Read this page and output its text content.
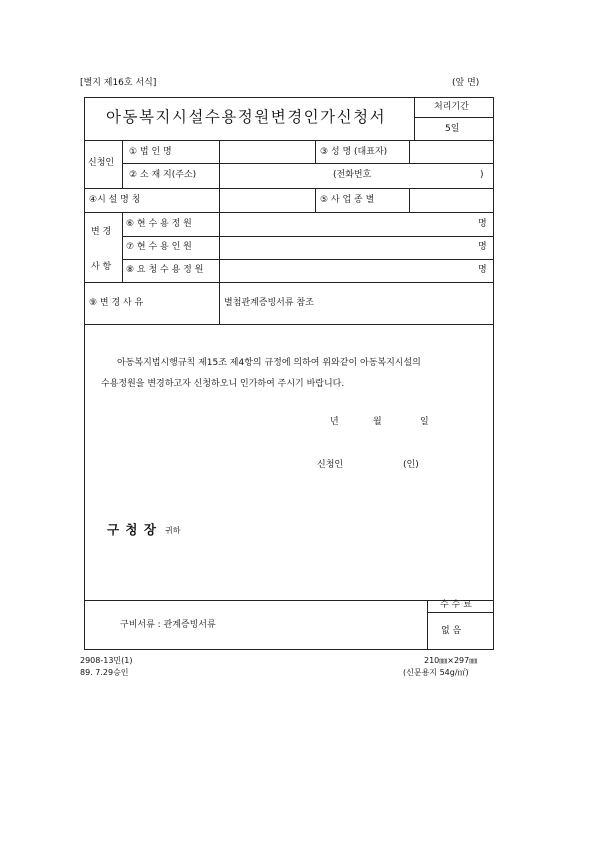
[별지 제16호 서식]	(앞 면)
아동복지시설수용정원변경인가신청서
처리기간
5일
신청인
① 법 인 명	③ 성 명 (대표자)
② 소 재 지(주소)	(전화번호	)
④시 설 명 칭	⑤ 사 업 종 별
변 경
사 항
⑥ 현 수 용 정 원	명
⑦ 현 수 용 인 원	명
⑧ 요 청 수 용 정 원	명
⑨ 변 경 사 유	별첨관계증빙서류 참조
아동복지법시행규칙 제15조 제4항의 규정에 의하여 위와같이 아동복지시설의
수용정원을 변경하고자 신청하오니 인가하여 주시기 바랍니다.
년	월	일
신청인	(인)
구 청 장 귀하
구비서류 : 관계증빙서류
수 수 료
없 음
2908-13민(1)
89. 7.29승인
210㎜×297㎜
(신문용지 54g/㎡)
